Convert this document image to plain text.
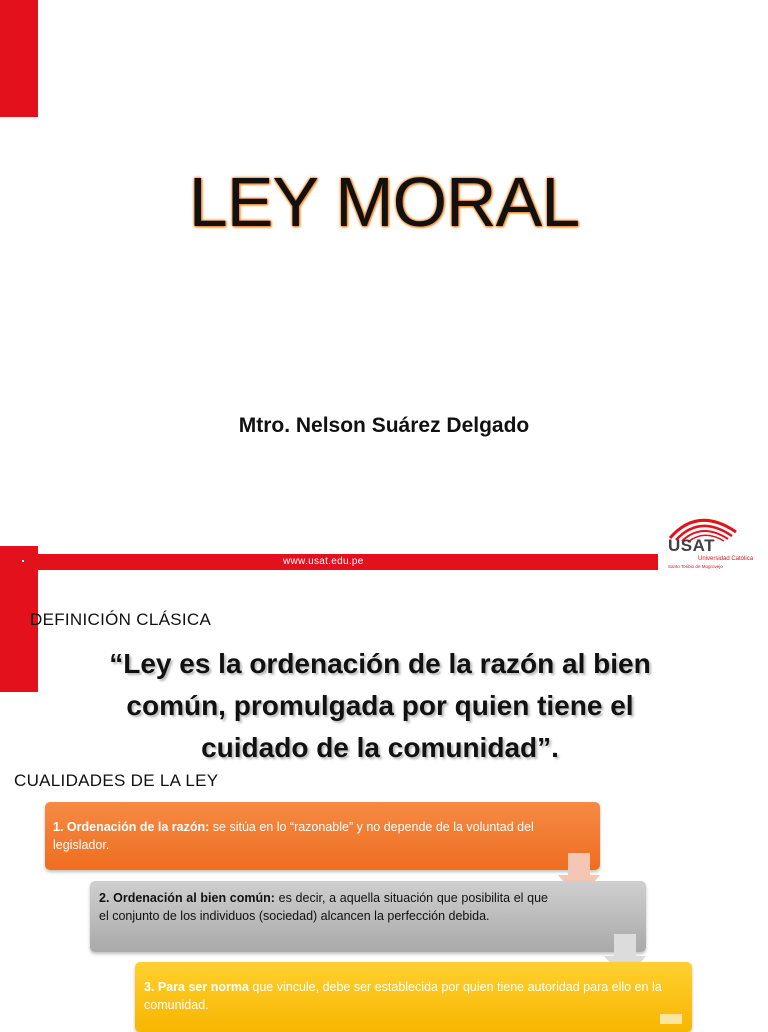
LEY MORAL
Mtro. Nelson Suárez Delgado
www.usat.edu.pe
USAT
Universidad Católica
Santo Toribio de Mogrovejo
DEFINICIÓN CLÁSICA
“Ley es la ordenación de la razón al bien común, promulgada por quien tiene el cuidado de la comunidad”.
CUALIDADES DE LA LEY
1. Ordenación de la razón: se sitúa en lo “razonable” y no depende de la voluntad del legislador.
2. Ordenación al bien común: es decir, a aquella situación que posibilita el que el conjunto de los individuos (sociedad) alcancen la perfección debida.
3. Para ser norma que vincule, debe ser establecida por quien tiene autoridad para ello en la comunidad.
